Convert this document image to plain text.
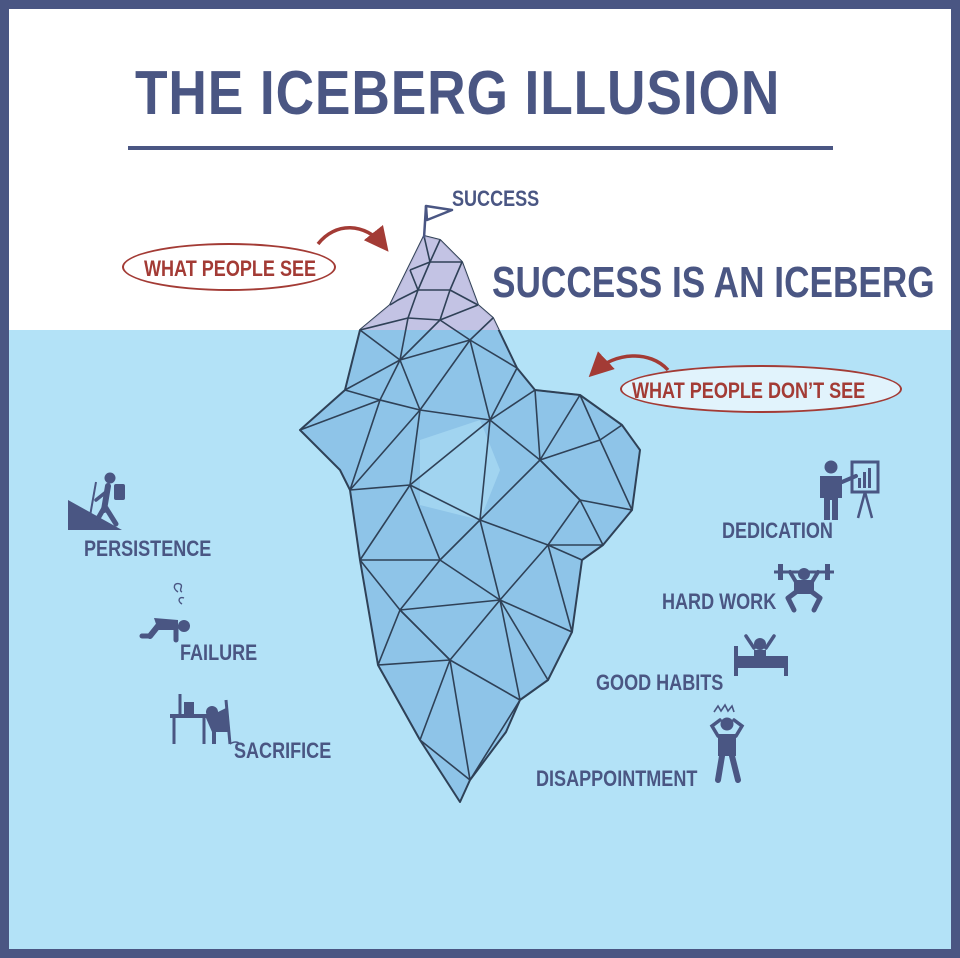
THE ICEBERG ILLUSION
SUCCESS
SUCCESS IS AN ICEBERG
WHAT PEOPLE SEE
WHAT PEOPLE DON’T SEE
PERSISTENCE
FAILURE
SACRIFICE
DEDICATION
HARD WORK
GOOD HABITS
DISAPPOINTMENT
